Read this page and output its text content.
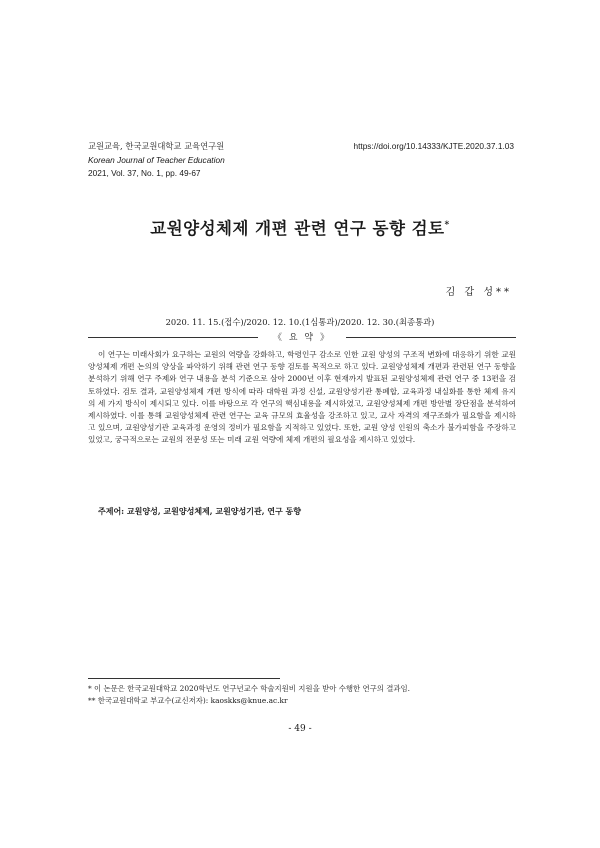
교원교육, 한국교원대학교 교육연구원
Korean Journal of Teacher Education
2021, Vol. 37, No. 1, pp. 49-67
https://doi.org/10.14333/KJTE.2020.37.1.03
교원양성체제 개편 관련 연구 동향 검토*
김 갑 성**
2020. 11. 15.(접수)/2020. 12. 10.(1심통과)/2020. 12. 30.(최종통과)
《 요 약 》

이 연구는 미래사회가 요구하는 교원의 역량을 강화하고, 학령인구 감소로 인한 교원 양성의 구조적 변화에 대응하기 위한 교원양성체제 개편 논의의 양상을 파악하기 위해 관련 연구 동향 검토를 목적으로 하고 있다. 교원양성체제 개편과 관련된 연구 동향을 분석하기 위해 연구 주제와 연구 내용을 분석 기준으로 삼아 2000년 이후 현재까지 발표된 교원양성체제 관련 연구 중 13편을 검토하였다. 검토 결과, 교원양성체제 개편 방식에 따라 대학원 과정 신설, 교원양성기관 통폐합, 교육과정 내실화를 통한 체제 유지의 세 가지 방식이 제시되고 있다. 이를 바탕으로 각 연구의 핵심내용을 제시하였고, 교원양성체제 개편 방안별 장단점을 분석하여 제시하였다. 이를 통해 교원양성체제 관련 연구는 교육 규모의 효율성을 강조하고 있고, 교사 자격의 재구조화가 필요함을 제시하고 있으며, 교원양성기관 교육과정 운영의 정비가 필요함을 지적하고 있었다. 또한, 교원 양성 인원의 축소가 불가피함을 주장하고 있었고, 궁극적으로는 교원의 전문성 또는 미래 교원 역량에 체제 개편의 필요성을 제시하고 있었다.

주제어: 교원양성, 교원양성체제, 교원양성기관, 연구 동향
* 이 논문은 한국교원대학교 2020학년도 연구년교수 학술지원비 지원을 받아 수행한 연구의 결과임.
** 한국교원대학교 부교수(교신저자): kaoskks@knue.ac.kr
- 49 -
